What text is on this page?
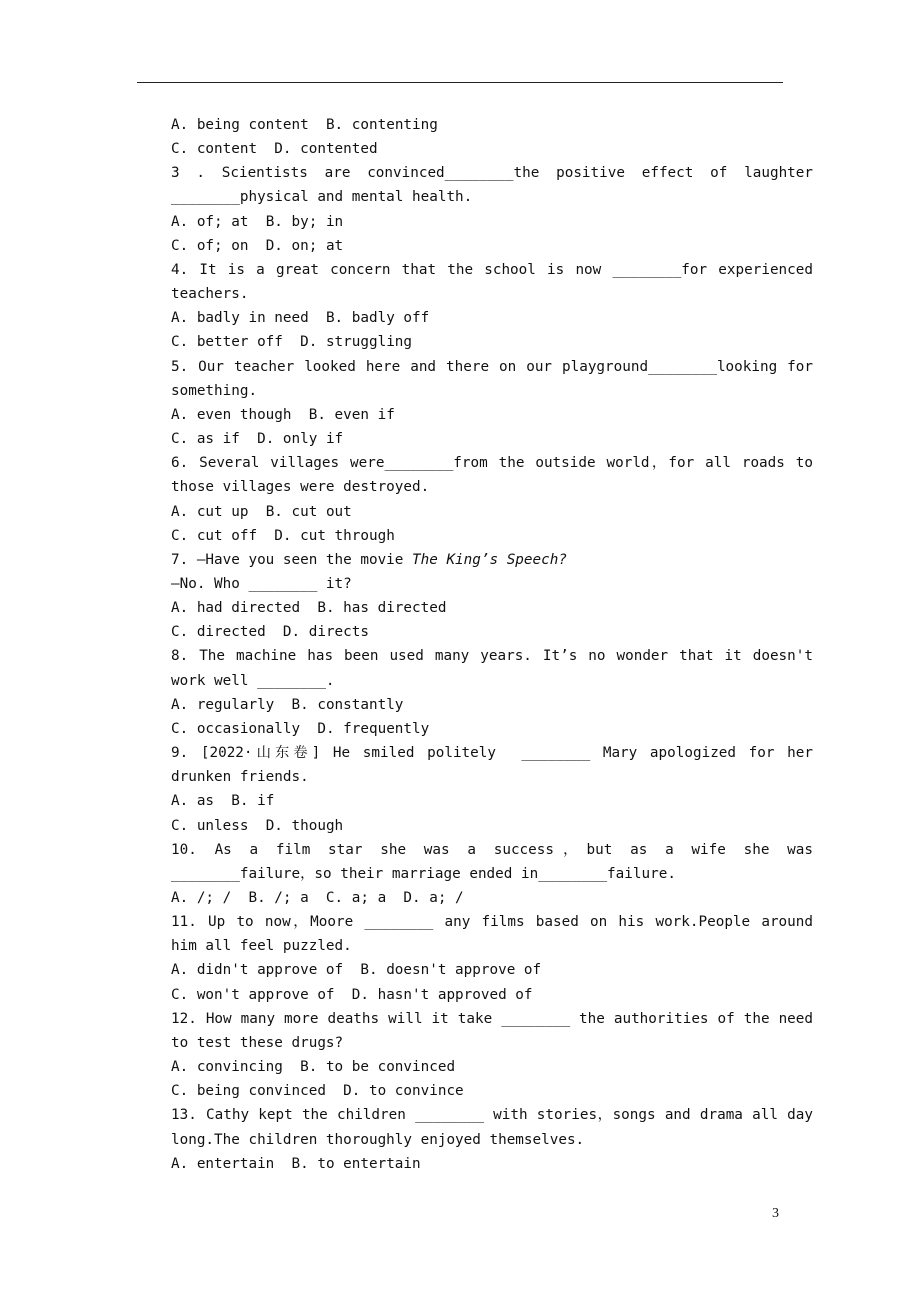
A. being content B. contenting
C. content D. contented
3 . Scientists are convinced________the positive effect of laughter ________physical and mental health.
A. of; at B. by; in
C. of; on D. on; at
4. It is a great concern that the school is now ________for experienced teachers.
A. badly in need B. badly off
C. better off D. struggling
5. Our teacher looked here and there on our playground________looking for something.
A. even though B. even if
C. as if D. only if
6. Several villages were________from the outside world，for all roads to those villages were destroyed.
A. cut up B. cut out
C. cut off D. cut through
7. —Have you seen the movie The King’s Speech?
—No. Who ________ it?
A. had directed B. has directed
C. directed D. directs
8. The machine has been used many years. It’s no wonder that it doesn't work well ________.
A. regularly B. constantly
C. occasionally D. frequently
9. [2022·山东卷] He smiled politely  ________ Mary apologized for her drunken friends.
A. as B. if
C. unless D. though
10. As a film star she was a success，but as a wife she was ________failure，so their marriage ended in________failure.
A. /; /  B. /; a  C. a; a  D. a; /
11. Up to now，Moore ________ any films based on his work.People around him all feel puzzled.
A. didn't approve of B. doesn't approve of
C. won't approve of D. hasn't approved of
12. How many more deaths will it take ________ the authorities of the need to test these drugs?
A. convincing B. to be convinced
C. being convinced D. to convince
13. Cathy kept the children ________ with stories，songs and drama all day long.The children thoroughly enjoyed themselves.
A. entertain B. to entertain
3
